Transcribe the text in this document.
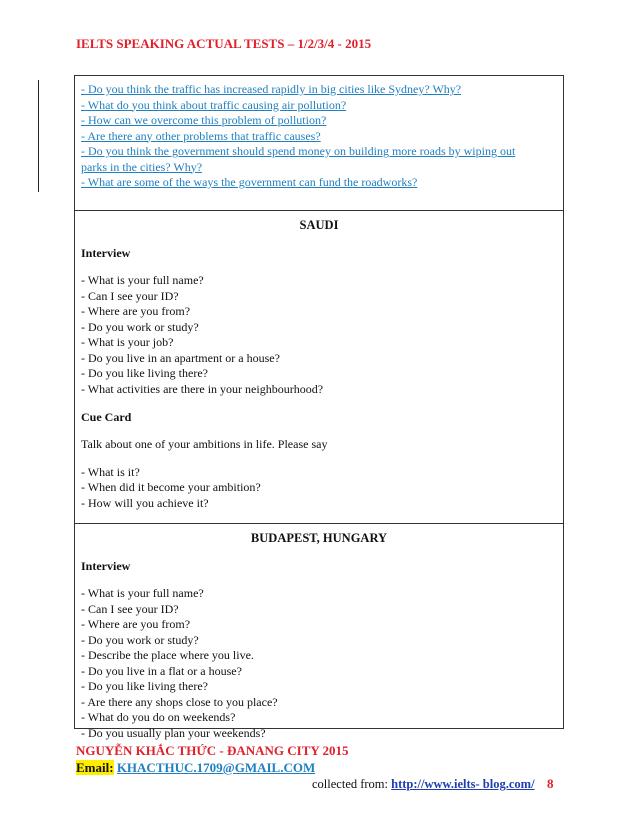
IELTS SPEAKING ACTUAL TESTS – 1/2/3/4 - 2015
- Do you think the traffic has increased rapidly in big cities like Sydney? Why?
- What do you think about traffic causing air pollution?
- How can we overcome this problem of pollution?
- Are there any other problems that traffic causes?
- Do you think the government should spend money on building more roads by wiping out
parks in the cities? Why?
- What are some of the ways the government can fund the roadworks?
SAUDI
Interview
- What is your full name?
- Can I see your ID?
- Where are you from?
- Do you work or study?
- What is your job?
- Do you live in an apartment or a house?
- Do you like living there?
- What activities are there in your neighbourhood?
Cue Card
Talk about one of your ambitions in life. Please say
- What is it?
- When did it become your ambition?
- How will you achieve it?
BUDAPEST, HUNGARY
Interview
- What is your full name?
- Can I see your ID?
- Where are you from?
- Do you work or study?
- Describe the place where you live.
- Do you live in a flat or a house?
- Do you like living there?
- Are there any shops close to you place?
- What do you do on weekends?
- Do you usually plan your weekends?
NGUYỄN KHẮC THỨC - ĐANANG CITY 2015
Email: KHACTHUC.1709@GMAIL.COM
collected from: http://www.ielts- blog.com/ 8
